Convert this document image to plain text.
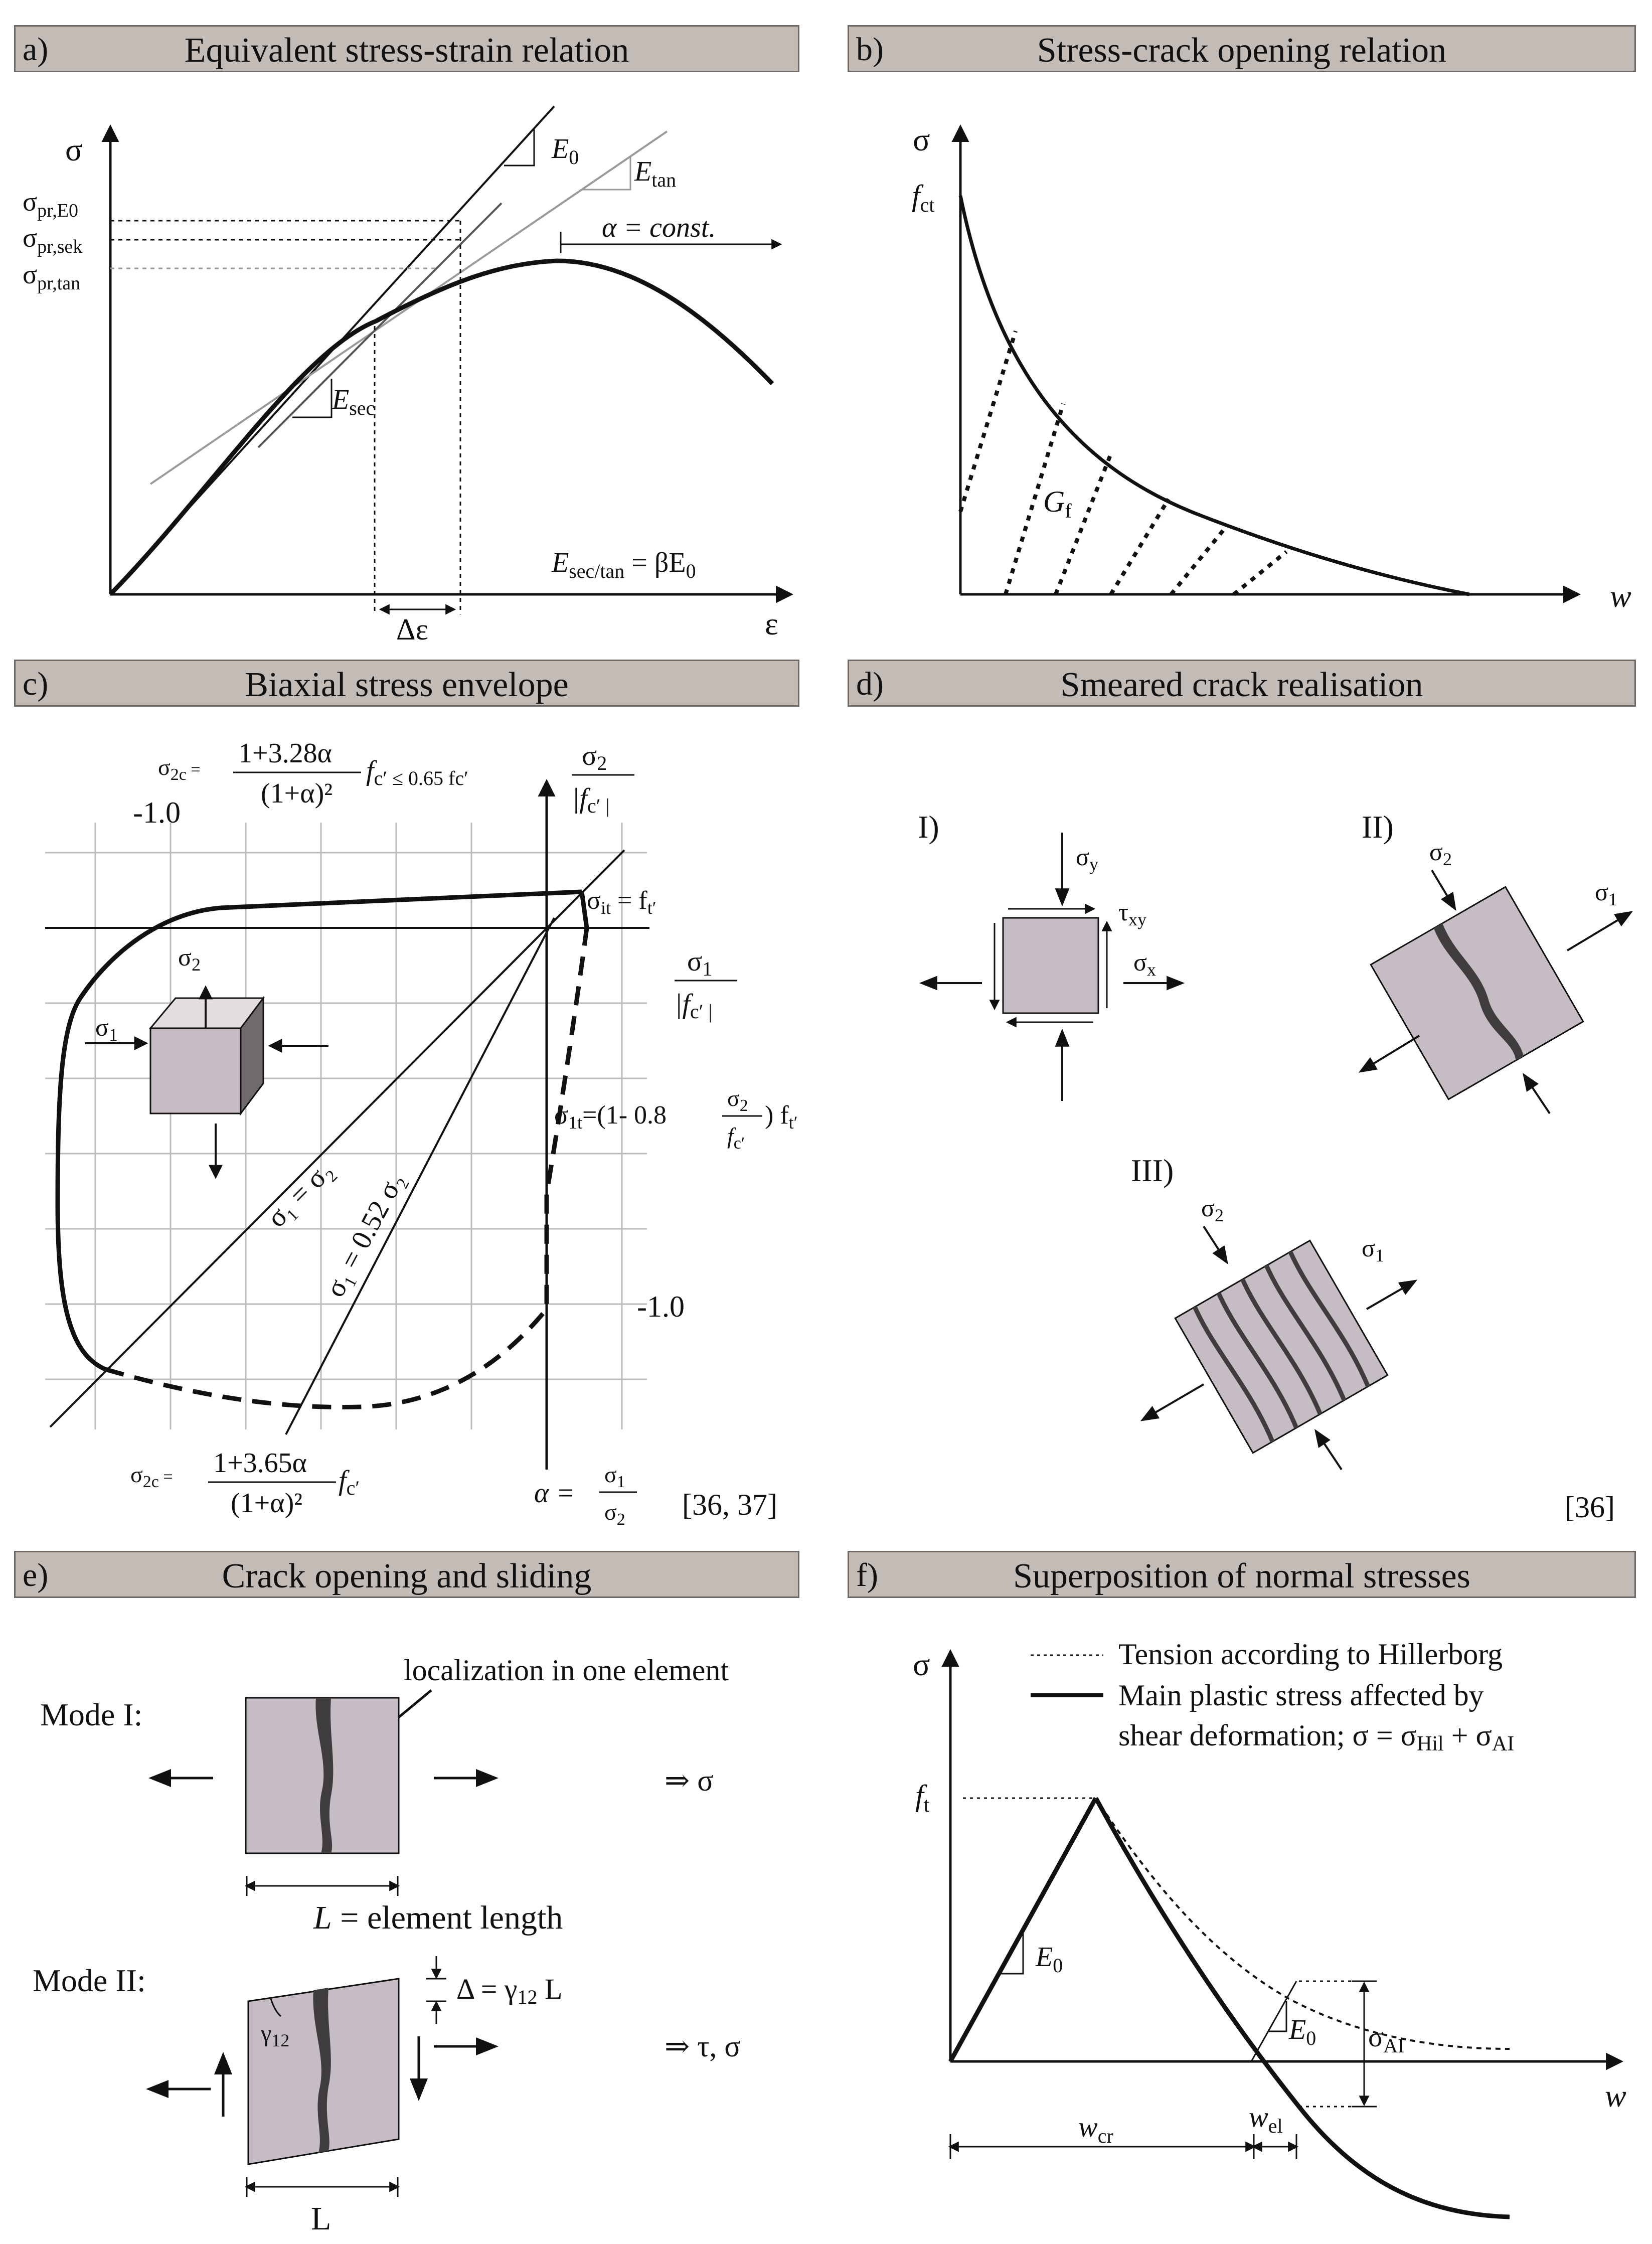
a)	Equivalent stress-strain relation	b)	Stress-crack opening relation
c)	Biaxial stress envelope	d)	Smeared crack realisation
e)	Crack opening and sliding	f)	Superposition of normal stresses
σ
ε
$E_0$ $E_{tan}$
$E_{sec}$
$\sigma_{pr,E0}$
$\sigma_{pr,sek}$
$\sigma_{pr,tan}$
α = const.
Δε
$E_{sec/tan} = \beta E_0$
σ
$f_{ct}$
$G_f$
w
$\sigma_2$
$\sigma_1$
σ₁ = σ₂
σ₁ = 0.52 σ₂
-1.0
-1.0
$\sigma_{2c}$ =
1+3.28α
(1+α)²
fc′ ≤ 0.65 fc′
σ2
|fc′ |
σ1
|fc′ |
σit = ft′
σ1t=(1- 0.8
$\sigma_2$
$f_{c'}$
) ft′
$\sigma_{2c}$ = 1+3.65α
(1+α)²
fc′	α =
$\sigma_1$
$\sigma_2$ [36, 37]
I)	II)
III)
$\sigma_y$
$\tau_{xy}$
$\sigma_x$
$\sigma_2$
$\sigma_1$
$\sigma_2$
$\sigma_1$
[36]
Mode I:
Mode II:
localization in one element
⇒ σ
L = element length
$\gamma_{12}$
Δ = γ12 L
⇒ τ, σ
L
Tension according to Hillerborg
Main plastic stress affected by
shear deformation; σ = σHil + σAI
σ
$f_t$
$E_0$
$E_0$ $\sigma_{AI}$
w
$w_{cr}$
$w_{el}$
